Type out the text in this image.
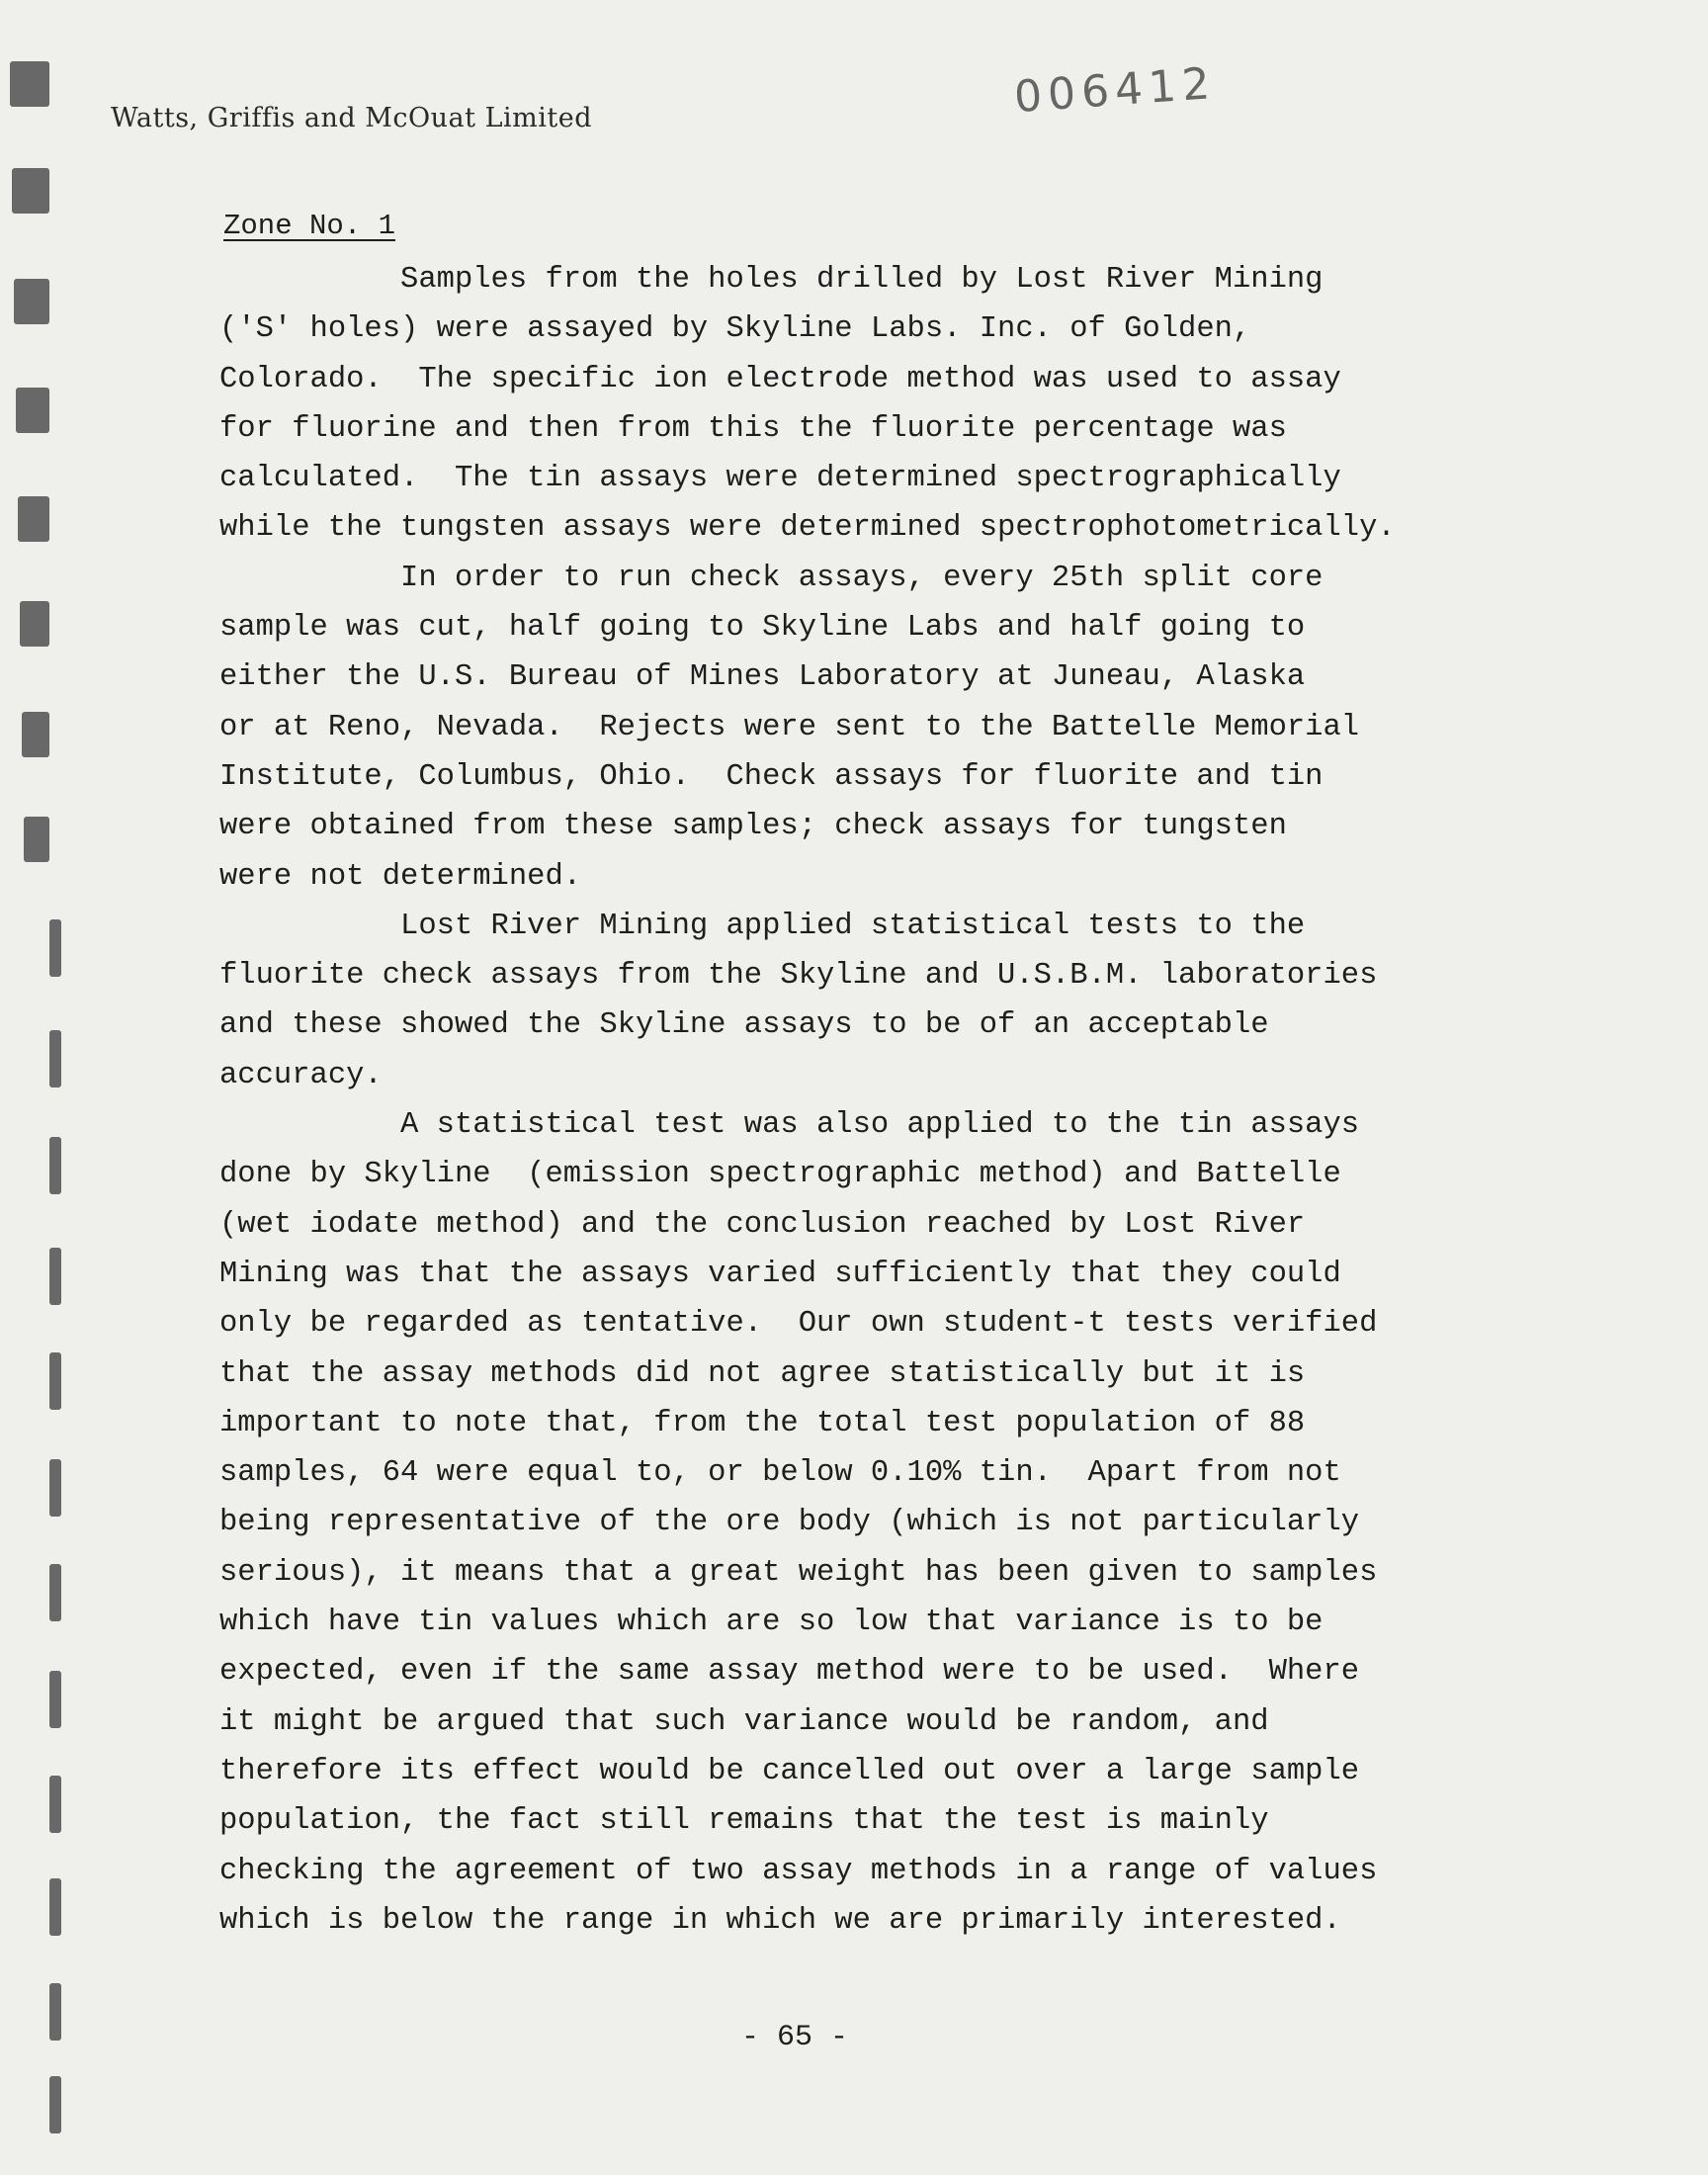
Watts, Griffis and McOuat Limited	006412
Zone No. 1
Samples from the holes drilled by Lost River Mining
('S' holes) were assayed by Skyline Labs. Inc. of Golden,
Colorado.  The specific ion electrode method was used to assay
for fluorine and then from this the fluorite percentage was
calculated.  The tin assays were determined spectrographically
while the tungsten assays were determined spectrophotometrically.
In order to run check assays, every 25th split core
sample was cut, half going to Skyline Labs and half going to
either the U.S. Bureau of Mines Laboratory at Juneau, Alaska
or at Reno, Nevada.  Rejects were sent to the Battelle Memorial
Institute, Columbus, Ohio.  Check assays for fluorite and tin
were obtained from these samples; check assays for tungsten
were not determined.
Lost River Mining applied statistical tests to the
fluorite check assays from the Skyline and U.S.B.M. laboratories
and these showed the Skyline assays to be of an acceptable
accuracy.
A statistical test was also applied to the tin assays
done by Skyline  (emission spectrographic method) and Battelle
(wet iodate method) and the conclusion reached by Lost River
Mining was that the assays varied sufficiently that they could
only be regarded as tentative.  Our own student-t tests verified
that the assay methods did not agree statistically but it is
important to note that, from the total test population of 88
samples, 64 were equal to, or below 0.10% tin.  Apart from not
being representative of the ore body (which is not particularly
serious), it means that a great weight has been given to samples
which have tin values which are so low that variance is to be
expected, even if the same assay method were to be used.  Where
it might be argued that such variance would be random, and
therefore its effect would be cancelled out over a large sample
population, the fact still remains that the test is mainly
checking the agreement of two assay methods in a range of values
which is below the range in which we are primarily interested.
- 65 -
